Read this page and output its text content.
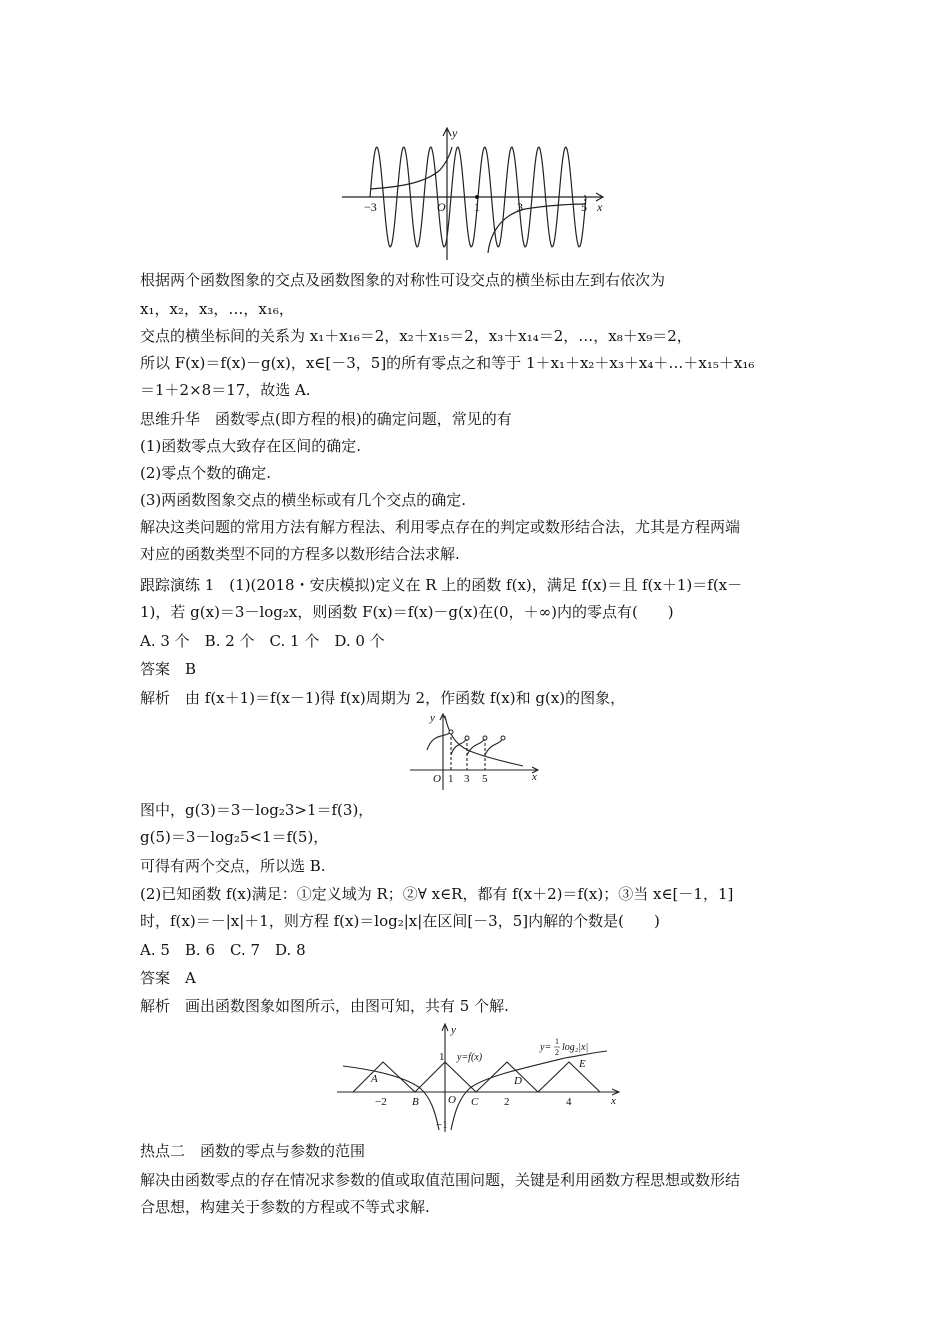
y
x
O
−3	1	3	5
根据两个函数图象的交点及函数图象的对称性可设交点的横坐标由左到右依次为
x₁，x₂，x₃，…，x₁₆，
交点的横坐标间的关系为 x₁＋x₁₆＝2，x₂＋x₁₅＝2，x₃＋x₁₄＝2，…，x₈＋x₉＝2，
所以 F(x)＝f(x)－g(x)，x∈[－3，5]的所有零点之和等于 1＋x₁＋x₂＋x₃＋x₄＋…＋x₁₅＋x₁₆
＝1＋2×8＝17，故选 A.
思维升华　函数零点(即方程的根)的确定问题，常见的有
(1)函数零点大致存在区间的确定.
(2)零点个数的确定.
(3)两函数图象交点的横坐标或有几个交点的确定.
解决这类问题的常用方法有解方程法、利用零点存在的判定或数形结合法，尤其是方程两端
对应的函数类型不同的方程多以数形结合法求解.
跟踪演练 1　(1)(2018・安庆模拟)定义在 R 上的函数 f(x)，满足 f(x)＝且 f(x＋1)＝f(x－
1)，若 g(x)＝3－log₂x，则函数 F(x)＝f(x)－g(x)在(0，＋∞)内的零点有(　　)
A. 3 个　B. 2 个　C. 1 个　D. 0 个
答案　B
解析　由 f(x＋1)＝f(x－1)得 f(x)周期为 2，作函数 f(x)和 g(x)的图象，
y
x
O 1 3 5
图中，g(3)＝3－log₂3>1＝f(3)，
g(5)＝3－log₂5<1＝f(5)，
可得有两个交点，所以选 B.
(2)已知函数 f(x)满足：①定义域为 R；②∀ x∈R，都有 f(x＋2)＝f(x)；③当 x∈[－1，1]
时，f(x)＝－|x|＋1，则方程 f(x)＝log₂|x|在区间[－3，5]内解的个数是(　　)
A. 5　B. 6　C. 7　D. 8
答案　A
解析　画出函数图象如图所示，由图可知，共有 5 个解.
y
x
O
1
−1
−2	2	4
y=f(x)
y=
1
2 log₂|x|
A
B	C
D
E
热点二　函数的零点与参数的范围
解决由函数零点的存在情况求参数的值或取值范围问题，关键是利用函数方程思想或数形结
合思想，构建关于参数的方程或不等式求解.
